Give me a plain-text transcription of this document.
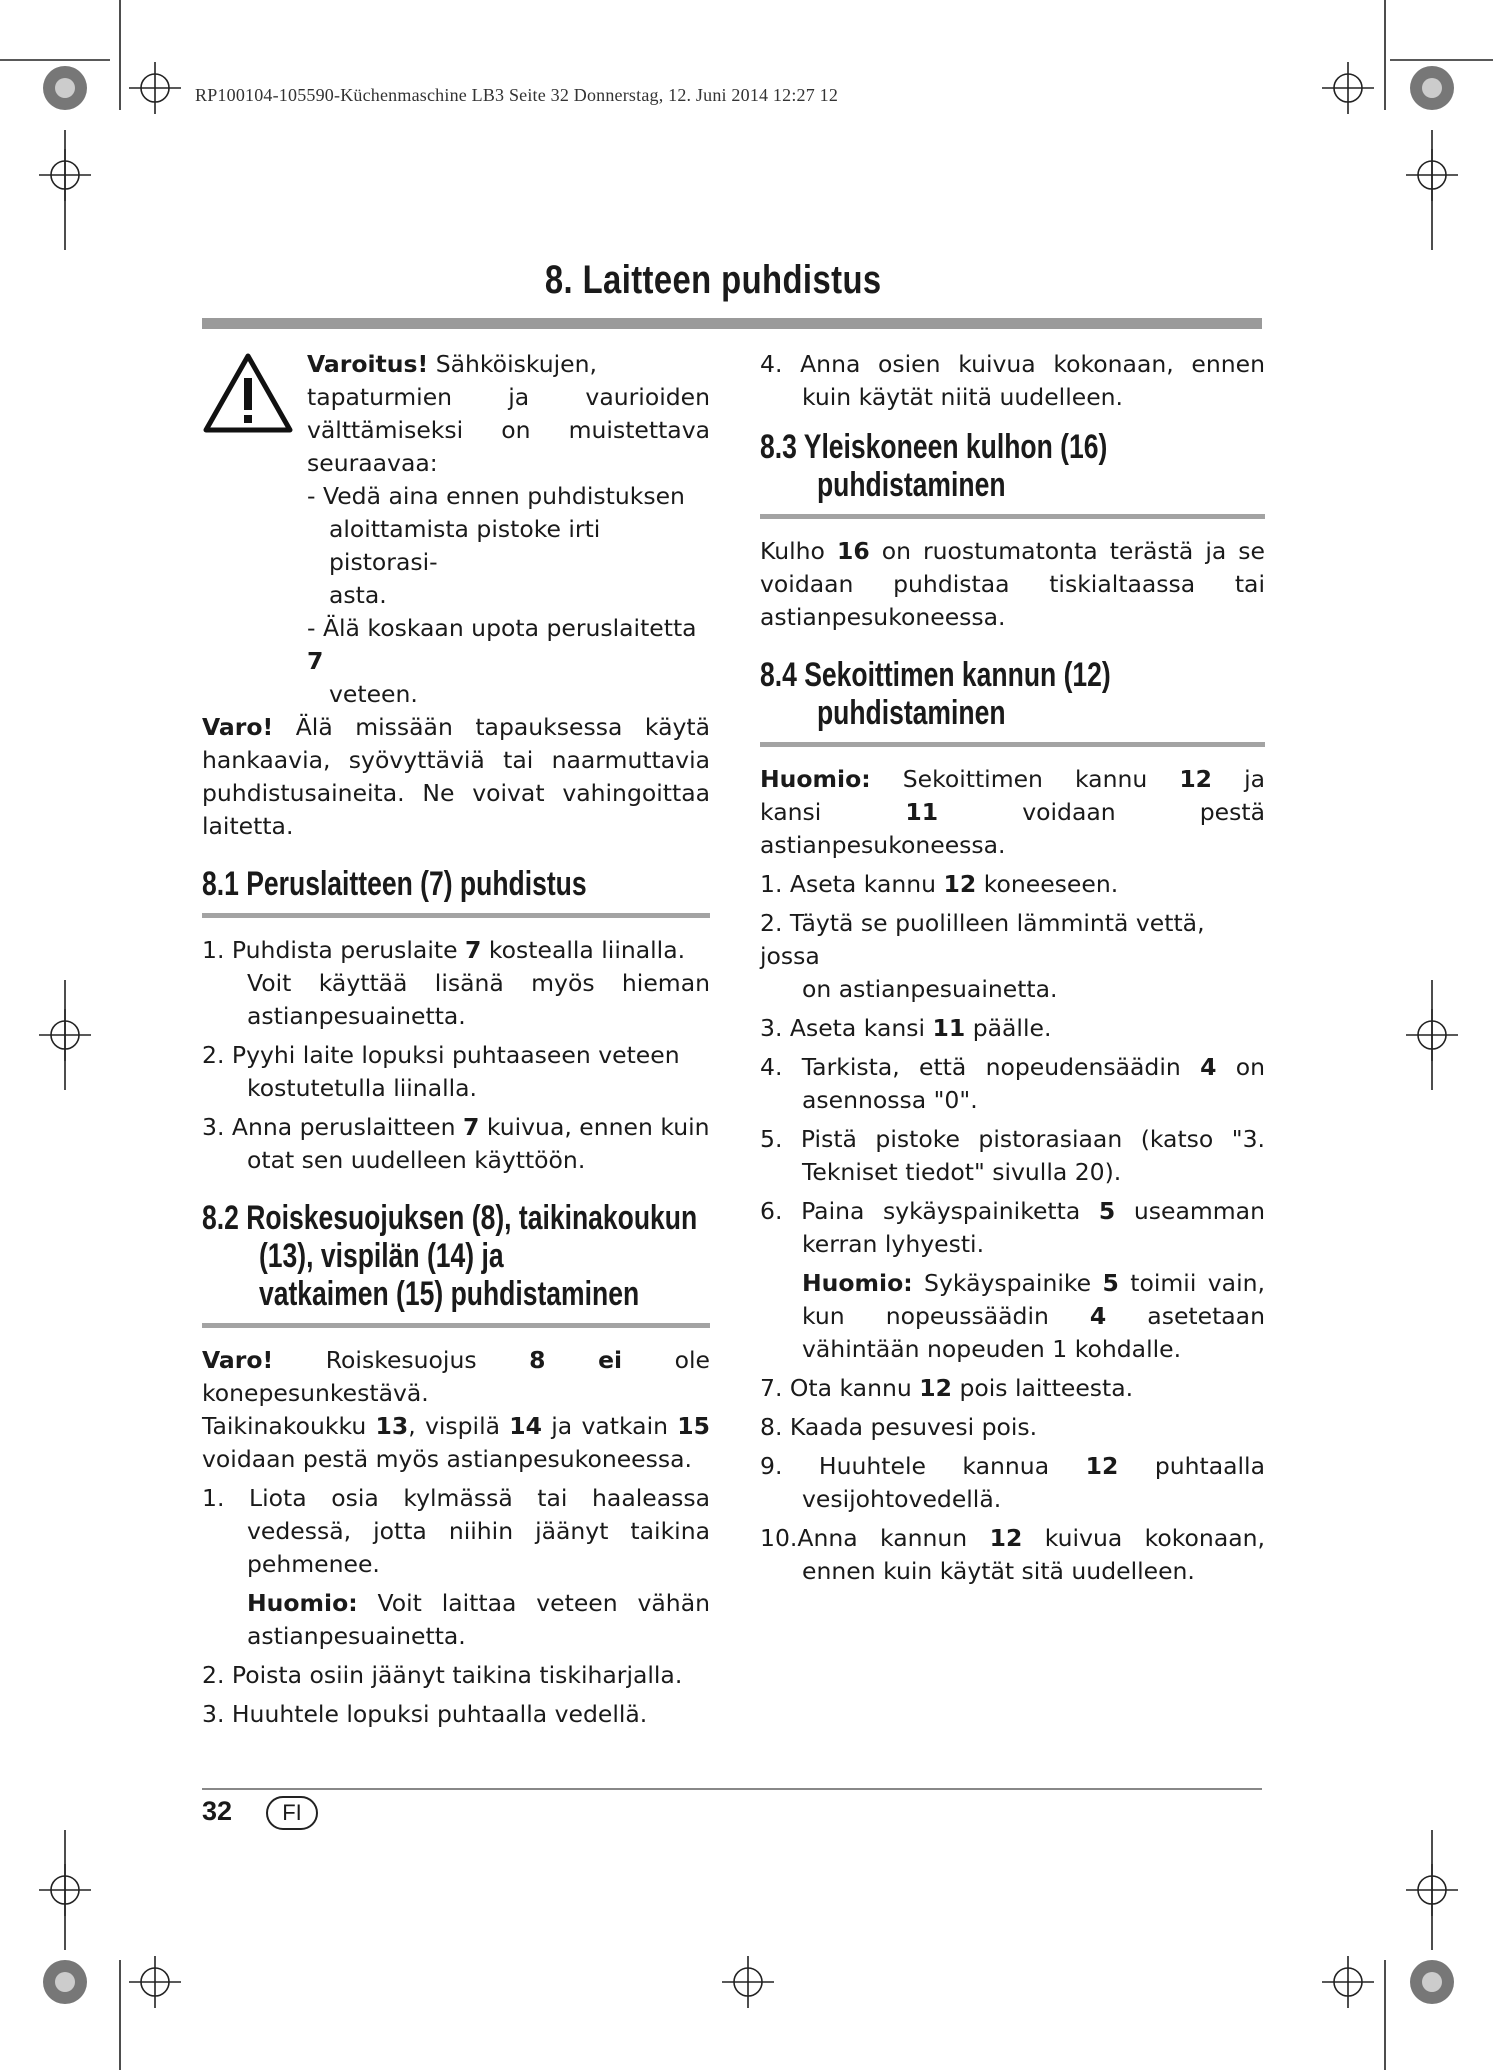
RP100104-105590-Küchenmaschine LB3 Seite 32 Donnerstag, 12. Juni 2014 12:27 12
8. Laitteen puhdistus

Varoitus! Sähköiskujen,

tapaturmien ja vaurioiden

välttämiseksi on muistettava

seuraavaa:

- Vedä aina ennen puhdistuksen

aloittamista pistoke irti pistorasi-

asta.

- Älä koskaan upota peruslaitetta 7

veteen.

Varo! Älä missään tapauksessa käytä

hankaavia, syövyttäviä tai naarmuttavia

puhdistusaineita. Ne voivat vahingoittaa

laitetta.

8.1 Peruslaitteen (7) puhdistus

1. Puhdista peruslaite 7 kostealla liinalla.

Voit käyttää lisänä myös hieman

astianpesuainetta.

2. Pyyhi laite lopuksi puhtaaseen veteen

kostutetulla liinalla.

3. Anna peruslaitteen 7 kuivua, ennen kuin

otat sen uudelleen käyttöön.

8.2 Roiskesuojuksen (8), taikinakoukun
(13), vispilän (14) ja
vatkaimen (15) puhdistaminen

Varo! Roiskesuojus 8 ei ole

konepesunkestävä.

Taikinakoukku 13, vispilä 14 ja vatkain 15

voidaan pestä myös astianpesukoneessa.

1. Liota osia kylmässä tai haaleassa

vedessä, jotta niihin jäänyt taikina

pehmenee.

Huomio: Voit laittaa veteen vähän

astianpesuainetta.

2. Poista osiin jäänyt taikina tiskiharjalla.

3. Huuhtele lopuksi puhtaalla vedellä.

4. Anna osien kuivua kokonaan, ennen

kuin käytät niitä uudelleen.

8.3 Yleiskoneen kulhon (16)
puhdistaminen

Kulho 16 on ruostumatonta terästä ja se

voidaan puhdistaa tiskialtaassa tai

astianpesukoneessa.

8.4 Sekoittimen kannun (12)
puhdistaminen

Huomio: Sekoittimen kannu 12 ja

kansi	11	voidaan pestä

astianpesukoneessa.

1. Aseta kannu 12 koneeseen.

2. Täytä se puolilleen lämmintä vettä, jossa

on astianpesuainetta.

3. Aseta kansi 11 päälle.

4. Tarkista, että nopeudensäädin 4 on

asennossa "0".

5. Pistä pistoke pistorasiaan (katso "3.

Tekniset tiedot" sivulla 20).

6. Paina sykäyspainiketta 5 useamman

kerran lyhyesti.

Huomio: Sykäyspainike 5 toimii vain,

kun nopeussäädin 4 asetetaan

vähintään nopeuden 1 kohdalle.

7. Ota kannu 12 pois laitteesta.

8. Kaada pesuvesi pois.

9. Huuhtele kannua 12 puhtaalla

vesijohtovedellä.

10.Anna kannun 12 kuivua kokonaan,

ennen kuin käytät sitä uudelleen.

32	FI
